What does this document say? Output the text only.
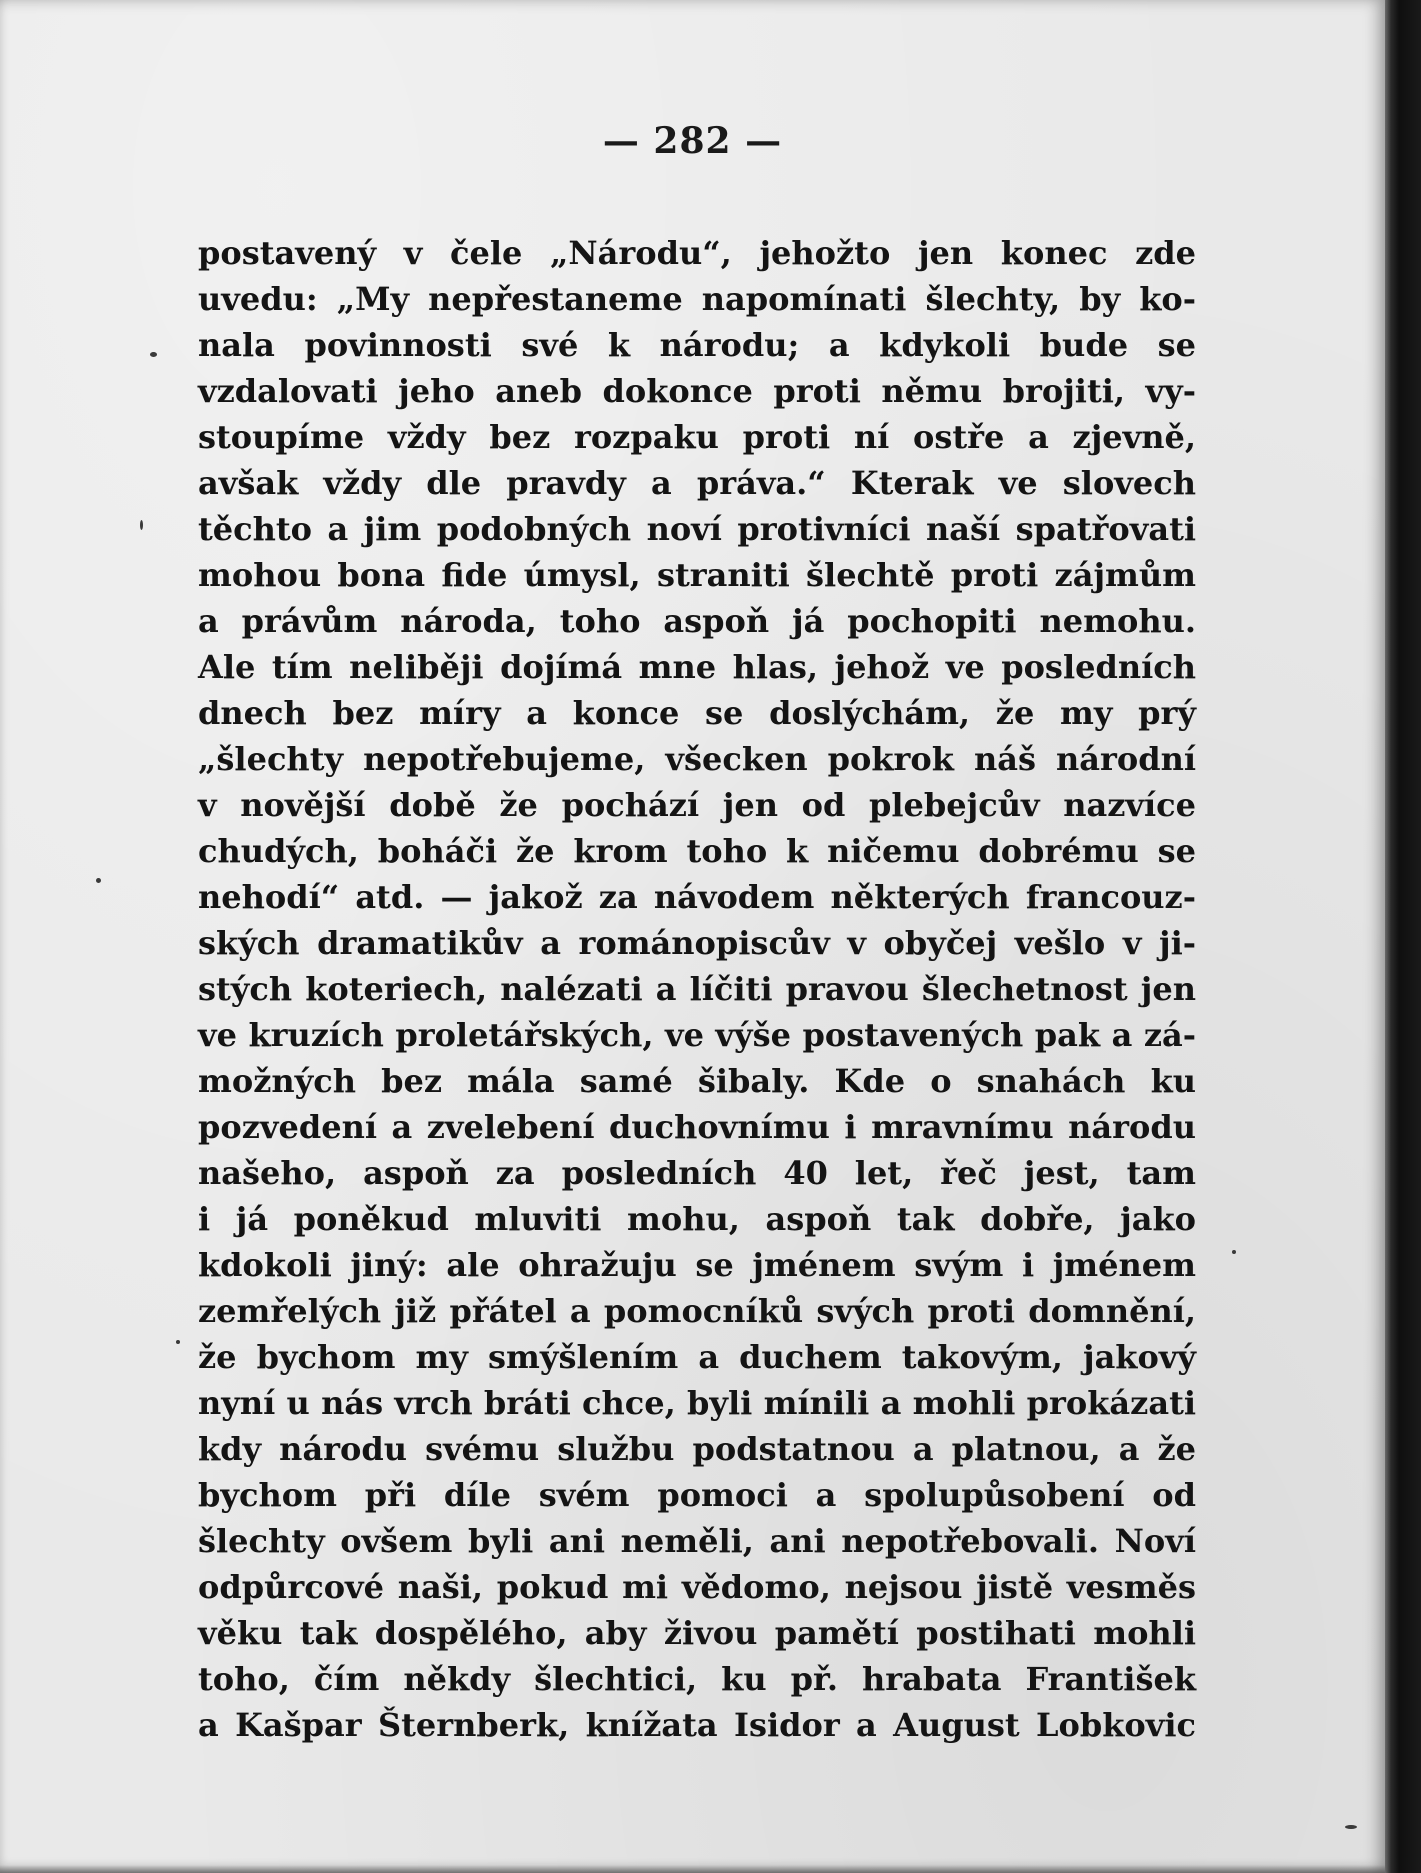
— 282 —
postavený v čele „Národu“, jehožto jen konec zde
uvedu: „My nepřestaneme napomínati šlechty, by ko-
nala povinnosti své k národu; a kdykoli bude se
vzdalovati jeho aneb dokonce proti němu brojiti, vy-
stoupíme vždy bez rozpaku proti ní ostře a zjevně,
avšak vždy dle pravdy a práva.“ Kterak ve slovech
těchto a jim podobných noví protivníci naší spatřovati
mohou bona fide úmysl, straniti šlechtě proti zájmům
a právům národa, toho aspoň já pochopiti nemohu.
Ale tím neliběji dojímá mne hlas, jehož ve posledních
dnech bez míry a konce se doslýchám, že my prý
„šlechty nepotřebujeme, všecken pokrok náš národní
v novější době že pochází jen od plebejcův nazvíce
chudých, boháči že krom toho k ničemu dobrému se
nehodí“ atd. — jakož za návodem některých francouz-
ských dramatikův a románopiscův v obyčej vešlo v ji-
stých koteriech, nalézati a líčiti pravou šlechetnost jen
ve kruzích proletářských, ve výše postavených pak a zá-
možných bez mála samé šibaly. Kde o snahách ku
pozvedení a zvelebení duchovnímu i mravnímu národu
našeho, aspoň za posledních 40 let, řeč jest, tam
i já poněkud mluviti mohu, aspoň tak dobře, jako
kdokoli jiný: ale ohražuju se jménem svým i jménem
zemřelých již přátel a pomocníků svých proti domnění,
že bychom my smýšlením a duchem takovým, jakový
nyní u nás vrch bráti chce, byli mínili a mohli prokázati
kdy národu svému službu podstatnou a platnou, a že
bychom při díle svém pomoci a spolupůsobení od
šlechty ovšem byli ani neměli, ani nepotřebovali. Noví
odpůrcové naši, pokud mi vědomo, nejsou jistě vesměs
věku tak dospělého, aby živou pamětí postihati mohli
toho, čím někdy šlechtici, ku př. hrabata František
a Kašpar Šternberk, knížata Isidor a August Lobkovic
